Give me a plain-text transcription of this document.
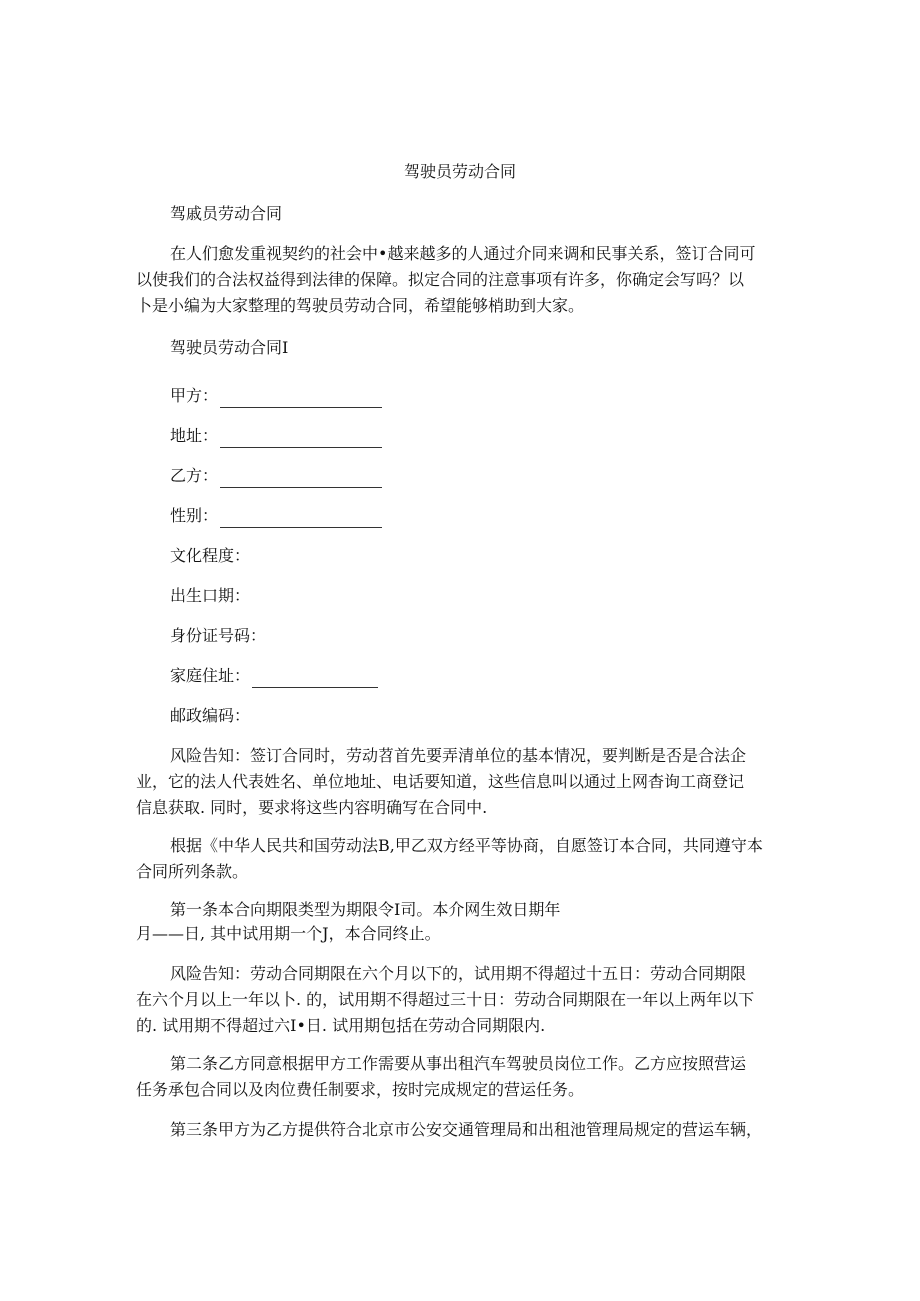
驾驶员劳动合同
驾戚员劳动合同
在人们愈发重视契约的社会中•越来越多的人通过介同来调和民事关系，签订合同可
以使我们的合法权益得到法律的保障。拟定合同的注意事项有许多，你确定会写吗？以
卜是小编为大家整理的驾驶员劳动合同，希望能够梢助到大家。
驾驶员劳动合同I
甲方：
地址：
乙方：
性别：
文化程度：
出生口期：
身份证号码：
家庭住址：
邮政编码：
风险告知：签订合同时，劳动苕首先要弄清单位的基本情况，要判断是否是合法企
业，它的法人代表姓名、单位地址、电话要知道，这些信息叫以通过上网杳询工商登记
信息获取. 同时，要求将这些内容明确写在合同中.
根据《中华人民共和国劳动法B,甲乙双方经平等协商，自愿签订本合同，共同遵守本
合同所列条款。
第一条本合向期限类型为期限令I司。本介网生效日期年
月——日, 其中试用期一个J，本合同终止。
风险告知：劳动合同期限在六个月以下的，试用期不得超过十五日：劳动合同期限
在六个月以上一年以卜. 的，试用期不得超过三十日：劳动合同期限在一年以上两年以下
的. 试用期不得超过六I•日. 试用期包括在劳动合同期限内.
第二条乙方同意根据甲方工作需要从事出租汽车驾驶员岗位工作。乙方应按照营运
任务承包合同以及肉位费任制要求，按时完成规定的营运任务。
第三条甲方为乙方提供符合北京市公安交通管理局和出租池管理局规定的营运车辆，
